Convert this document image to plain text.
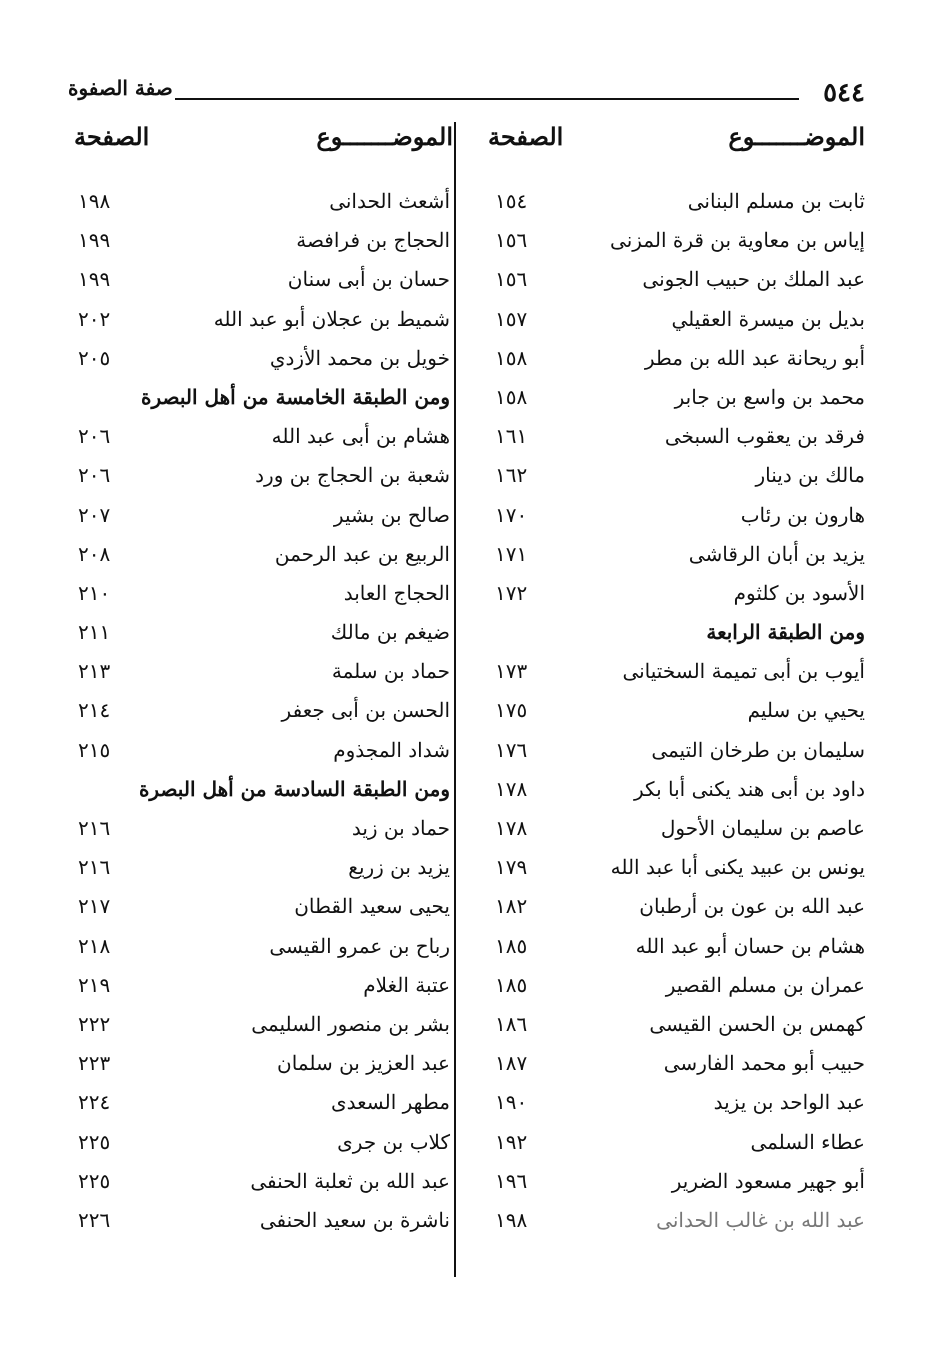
٥٤٤
صفة الصفوة
الموضـــــــوع
الصفحة
الموضـــــــوع
الصفحة
ثابت بن مسلم البنانى
١٥٤
إياس بن معاوية بن قرة المزنى
١٥٦
عبد الملك بن حبيب الجونى
١٥٦
بديل بن ميسرة العقيلي
١٥٧
أبو ريحانة عبد الله بن مطر
١٥٨
محمد بن واسع بن جابر
١٥٨
فرقد بن يعقوب السبخى
١٦١
مالك بن دينار
١٦٢
هارون بن رئاب
١٧٠
يزيد بن أبان الرقاشى
١٧١
الأسود بن كلثوم
١٧٢
ومن الطبقة الرابعة
أيوب بن أبى تميمة السختيانى
١٧٣
يحيي بن سليم
١٧٥
سليمان بن طرخان التيمى
١٧٦
داود بن أبى هند يكنى أبا بكر
١٧٨
عاصم بن سليمان الأحول
١٧٨
يونس بن عبيد يكنى أبا عبد الله
١٧٩
عبد الله بن عون بن أرطبان
١٨٢
هشام بن حسان أبو عبد الله
١٨٥
عمران بن مسلم القصير
١٨٥
كهمس بن الحسن القيسى
١٨٦
حبيب أبو محمد الفارسى
١٨٧
عبد الواحد بن يزيد
١٩٠
عطاء السلمى
١٩٢
أبو جهير مسعود الضرير
١٩٦
عبد الله بن غالب الحدانى
١٩٨
أشعث الحدانى
١٩٨
الحجاج بن فرافصة
١٩٩
حسان بن أبى سنان
١٩٩
شميط بن عجلان أبو عبد الله
٢٠٢
خويل بن محمد الأزدي
٢٠٥
ومن الطبقة الخامسة من أهل البصرة
هشام بن أبى عبد الله
٢٠٦
شعبة بن الحجاج بن ورد
٢٠٦
صالح بن بشير
٢٠٧
الربيع بن عبد الرحمن
٢٠٨
الحجاج العابد
٢١٠
ضيغم بن مالك
٢١١
حماد بن سلمة
٢١٣
الحسن بن أبى جعفر
٢١٤
شداد المجذوم
٢١٥
ومن الطبقة السادسة من أهل البصرة
حماد بن زيد
٢١٦
يزيد بن زريع
٢١٦
يحيى سعيد القطان
٢١٧
رباح بن عمرو القيسى
٢١٨
عتبة الغلام
٢١٩
بشر بن منصور السليمى
٢٢٢
عبد العزيز بن سلمان
٢٢٣
مطهر السعدى
٢٢٤
كلاب بن جرى
٢٢٥
عبد الله بن ثعلبة الحنفى
٢٢٥
ناشرة بن سعيد الحنفى
٢٢٦
